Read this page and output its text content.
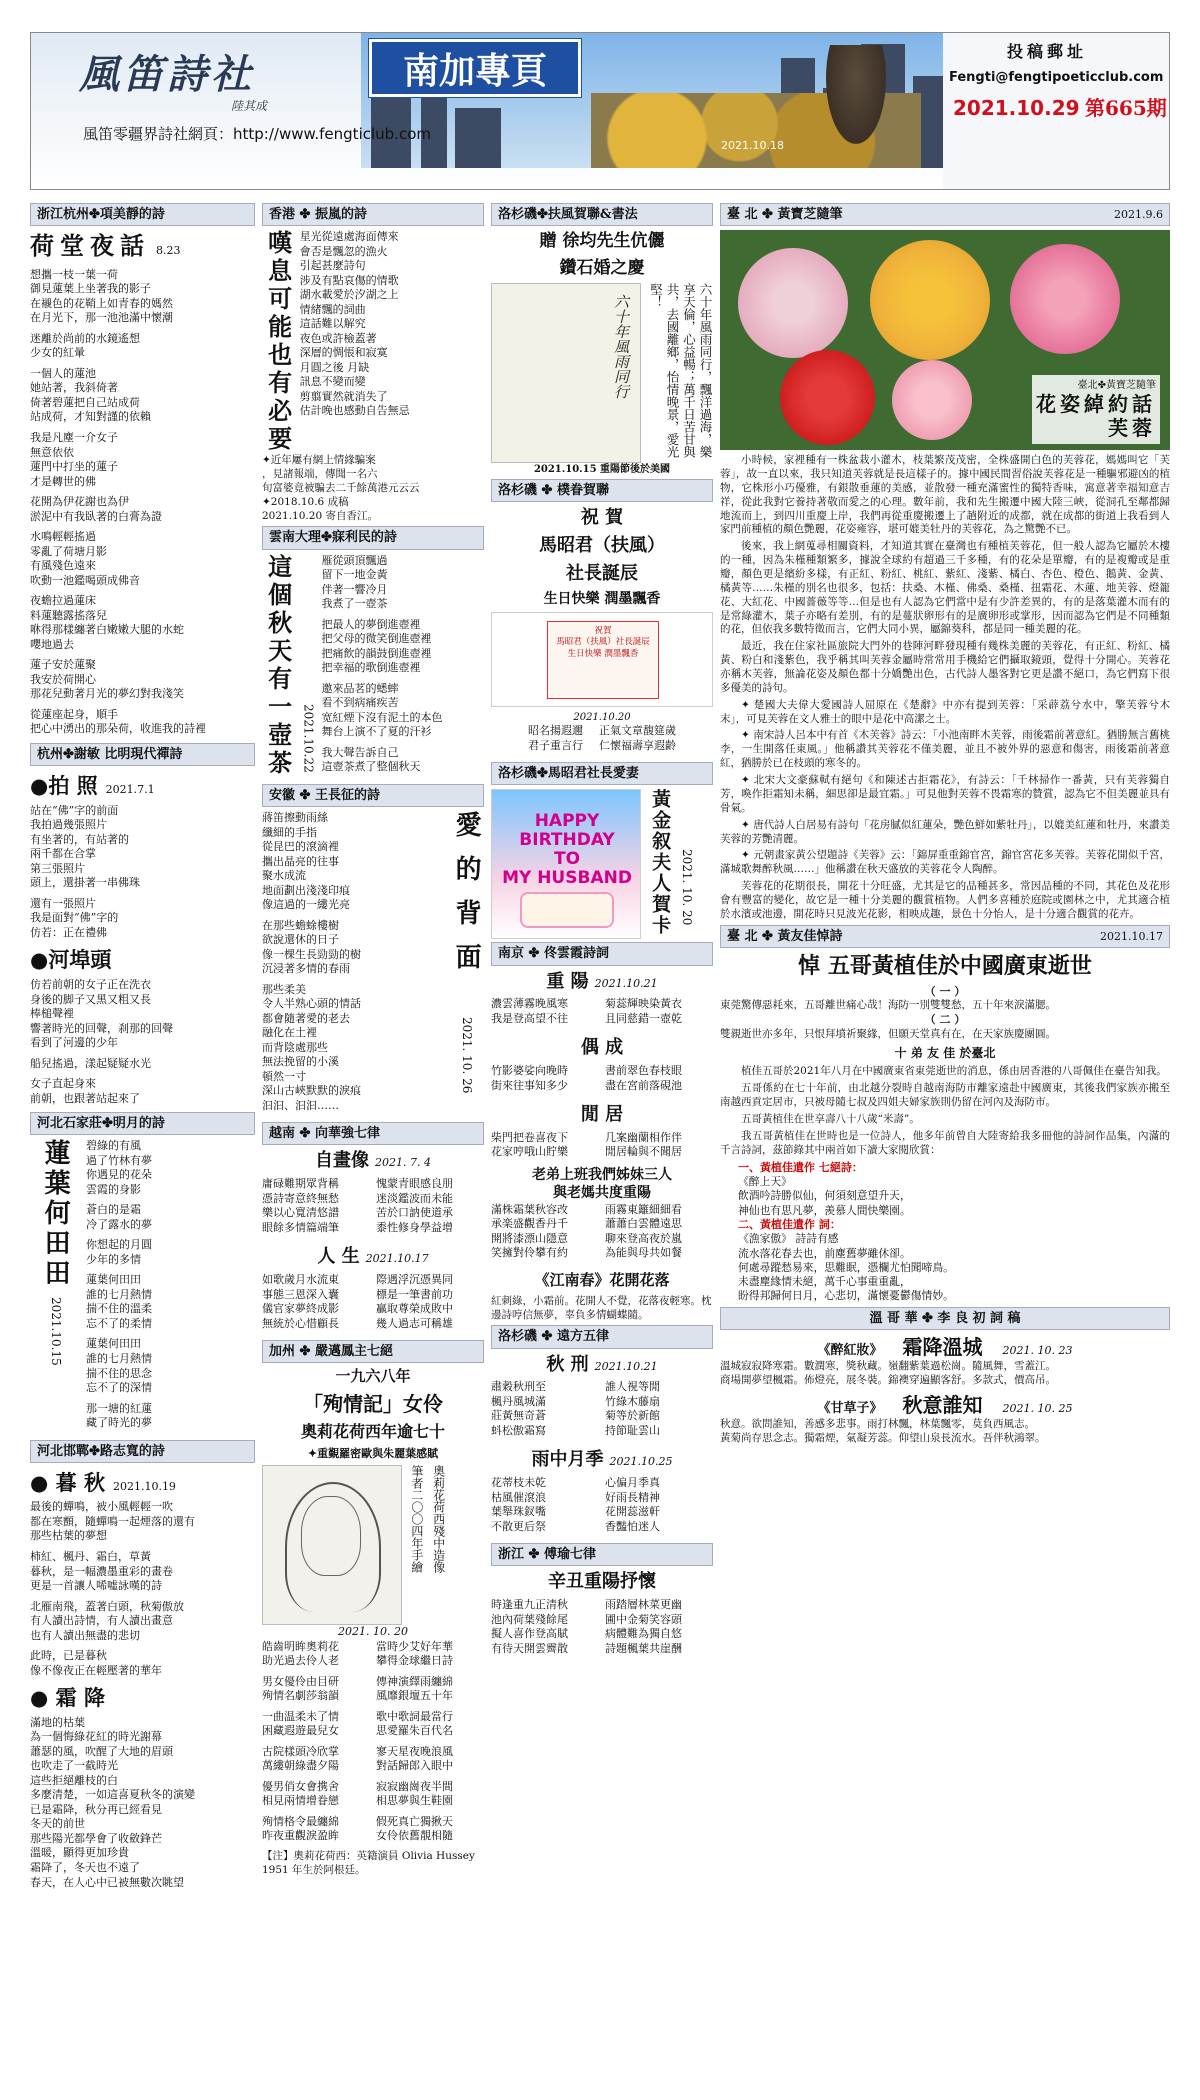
風笛詩社
陸其成
南加專頁
風笛零疆界詩社網頁：http://www.fengticlub.com
2021.10.18
投稿郵址
Fengti@fengtipoeticclub.com
2021.10.29 第665期
浙江杭州✤項美靜的詩
荷堂夜話 8.23

想攜一枝一葉一荷
御見蓮葉上坐著我的影子
在襯色的花鞘上如青春的媽然
在月光下，那一池池滿中懷潮

迷離於尚前的水鏡遙想
少女的紅暈

一個人的蓮池
她站著，我斜倚著
倚著碧蓮把自己站成荷
站成荷，才知對謹的依賴

我是凡塵一介女子
無意依依
蓮門中打坐的蓮子
才是轉世的佛

花開為伊花謝也為伊
淤泥中有我臥著的白膏為證

水鳴輕輕搖過
零亂了荷塘月影
有風殘色遠來
吹動一池鑑喝頭成佛音

夜蟾拉過蓮床
料蓮聽露搖落兒
咻得那樣纏著白嫩嫩大腿的水蛇
嚶地過去

蓮子安於蓮聚
我安於荷開心
那花兒動著月光的夢幻對我淺笑

從蓮座起身，順手
把心中湧出的那朵荷，收進我的詩裡

杭州✤謝敏 比明現代禪詩
●拍 照 2021.7.1

站在“佛”字的前面
我拍過幾張照片
有坐著的，有站著的
兩千都在合掌
第三張照片
頭上，還掛著一串佛珠

還有一張照片
我是面對“佛”字的
仿若：正在禮佛

●河埠頭

仿若前朝的女子正在洗衣
身後的脚子又黑又粗又長
棒槌聲裡
響著時光的回聲，刹那的回聲
看到了河邊的少年

船兒搖過，漾起疑疑水光

女子直起身來
前朝，也跟著站起來了

河北石家莊✤明月的詩
蓮葉何田田
2021.10.15

碧綠的有風
過了竹林有夢
你遇見的花朵
雲霞的身影

蒼白的是霜
冷了露水的夢

你想起的月圓
少年的多情

蓮葉何田田
誰的七月熱情
揣不住的溫柔
忘不了的柔情

蓮葉何田田
誰的七月熱情
揣不住的思念
忘不了的深情

那一塘的紅蓮
藏了時光的夢

河北邯鄲✤路志寬的詩
● 暮 秋 2021.10.19

最後的蟬鳴，被小風輕輕一吹
都在寒顫，隨蟬鳴一起煙落的還有
那些枯葉的夢想

柿紅、楓丹、霜白，草黃
暮秋，是一幅濃墨重彩的畫卷
更是一首讓人唏噓詠嘆的詩

北雁南飛，蓋著白頭，秋菊傲放
有人讀出詩情，有人讀出畫意
也有人讀出無盡的悲切

此時，已是暮秋
像不像夜正在輕壓著的華年

● 霜 降

滿地的枯葉
為一個悔綠花紅的時光謝幕
蕭瑟的風，吹醒了大地的眉頭
也吹走了一截時光
這些拒絕離枝的白
多麼清楚，一如這喜夏秋冬的演變
已是霜降，秋分再已經看見
冬天的前世
那些陽光都學會了收斂鋒芒
溫暖，顯得更加珍貴
霜降了，冬天也不遠了
春天，在人心中已被無數次眺望

香港 ✤ 振嵐的詩
嘆息可能也有必要 星光從遠處海面傳來
會否是飄忽的漁火
引起甚麼詩句
涉及有點哀傷的情歌
湖水載愛於汐湖之上
情緒飄的詞曲
這話難以解究
夜色或許檢蓋著
深層的惆悵和寂寞
月圓之後 月缺
訊息不變而變
剪翦實然就消失了
估計晚也感動自告無忌

✦近年屢有網上情緣騙案
，見諸報端，傳聞一名六
旬富婆竟被騙去二千餘萬港元云云
✦2018.10.6 成稿
2021.10.20 寄自香江。
雲南大理✤寐利民的詩
這個秋天有一壺茶 2021.10.22

雁從頭頂飄過
留下一地金黃
伴著一響冷月
我煮了一壺茶

把最人的夢倒進壺裡
把父母的微笑倒進壺裡
把痛飲的韻鼓倒進壺裡
把幸福的歌倒進壺裡

邀來品茗的蟋蟀
看不到病痛疾苦
宽紅煙下沒有泥土的本色
舞台上演不了夏的汗衫

我大聲告訴自己
這壺茶煮了整個秋天

安徽 ✤ 王長征的詩

蔣笛擦動雨絲
纖細的手指
從昆巴的滾滴裡
攜出晶亮的往事
聚水成流
地面劃出淺淺印痕
像這過的一縷光亮

在那些蟾蜍樓樹
欲說還休的日子
像一棵生長勁勁的樹
沉浸著多情的春雨

那些柔美
令人半熟心頭的情話
都會隨著愛的老去
融化在土裡
而背陰處那些
無法挽留的小溪
頓然一寸
深山古峽默默的淚痕
汩汩、汩汩……

愛的背面
2021. 10. 26
越南 ✤ 向華強七律
自畫像 2021. 7. 4

庸碌難期眾背稱
憑詩寄意終無愁
樂以心寬清悠譜
眼餘多情篇端筆

愧蒙青眼感良朋
迷淡鑑波而未能
苦於口訥使道承
黍性修身學益增

人 生 2021.10.17

如歌歲月水流東
事態三恩深入囊
儀官家夢終成影
無統於心惜顧長

際遇浮沉憑異同
標是一筆書前功
贏取尊榮成敗中
幾人過志可稱雄

加州 ✤ 嚴邁鳳主七絕
一九六八年
「殉情記」女伶
奧莉花荷西年逾七十
✦重覲羅密歐與朱麗葉感賦
筆者二〇〇四年手繪 奧莉花荷西殘中造像
2021. 10. 20

皓齒明眸奧莉花
助光過去伶人老

當時少艾好年華
攀得金球繼日詩

男女優伶由目研
殉情名劇莎翁韻

傳神演繹雨纏綿
風靡銀壇五十年

一曲温柔未了情
困藏遐遊最兒女

歌中歌詞最當行
思愛羅朱百代名

古院樣頭冷欣掌
萬縷朝綠盡夕陽

寥天星夜晚浪風
對話歸郎入眼中

優男俏女會携舍
相見兩情增眷戀

寂寂幽崗夜半間
相思夢與生鞋園

殉情格令最纏綿
昨夜重觀淚盈眸

假死真亡獨揪天
女伶依舊靚相隨

【注】奧莉花荷西：英籍演員 Olivia Hussey 1951 年生於阿根廷。
洛杉磯✤扶風賀聯&書法
贈 徐均先生伉儷
鑽石婚之慶
六十年風雨同行	六十年風雨同行，飄洋過海，樂享天倫，心益暢；萬千日苦甘與共，去國離鄉，怡情晚景，愛光堅！
2021.10.15 重陽節後於美國
洛杉磯 ✤ 樸眷賀聯
祝 賀
馬昭君（扶風）
社長誕辰
生日快樂 潤墨飄香
祝賀
馬昭君（扶風）社長誕辰
生日快樂 潤墨飄香
2021.10.20

昭名揚遐邇
君子重言行

正氣文章馥筵歲
仁懷福壽享遐齡

洛杉磯✤馬昭君社長愛妻
HAPPY
BIRTHDAY
TO
MY HUSBAND 黃金叙夫人賀卡 2021. 10. 20
南京 ✤ 佟雲霞詩詞
重 陽 2021.10.21

濃雲薄霧晚風寒
我是登高望不往

菊蕊輝映染黃衣
且同慈錯一壺乾

偶 成

竹影婆娑向晚時
街來往事知多少

書前翠色春枝眼
盡在宮前落硯池

閒 居

柴門把卷喜夜下
花家哼哦山貯樂

几案幽蘭相作伴
閒居輪與不聞居

老弟上班我們姊妹三人
與老媽共度重陽

滿株霜葉秋容改
承楽盛觀香丹千
開將漆漂山隱意
笑擁對伶攀有約

雨霧東籬細細看
蕭蕭白雲體遠思
聊來登高夜於嵐
為能與母共如餐

《江南春》花開花落
紅刺綠，小霜前。花開人不覺，花落夜輕寒。枕邊詩哼信無夢，辜負多情蝴蝶隨。
洛杉磯 ✤ 遠方五律
秋 刑 2021.10.21

肅穀秋刑至
楓丹風城滿
莊黃無奇蒼
蚪松傲霜寫

誰人視等閒
竹綠木藤扇
菊等於新館
持節耻雲山

雨中月季 2021.10.25

花蒂枝未乾
枯風催滾浪
葉舉珠釵嘴
不散更后祭

心偏月季真
好雨長精神
花開蕊滋軒
香豔怕迷人

浙江 ✤ 傅瑜七律
辛丑重陽抒懷

時逢重九正清秋
池內荷葉殘餘尾
擬人喜作登高賦
有待天開雲霽散

雨踏層林菜更幽
圃中金菊笑容頭
病體難為獨自悠
詩題楓葉共崖酬

臺 北 ✤ 黃寶芝隨筆	2021.9.6
臺北✤黃寶芝隨筆
花姿綽約話芙蓉

小時候，家裡種有一株盆栽小灌木，枝葉繁茂茂密，全株盛開白色的芙蓉花，媽媽叫它「芙蓉」，故一直以來，我只知道芙蓉就是長這樣子的。據中國民間習俗說芙蓉花是一種驅邪避凶的植物，它株形小巧優雅，有銀散垂蓮的美感，並散發一種充滿蜜性的獨特香味，寓意著幸福知意吉祥，從此我對它養持著敬而愛之的心理。數年前，我和先生搬遷中國大陸三峽，從洞孔至鄰都歸地流而上，到四川重慶上岸，我們再從重慶搬遷上了趟附近的成都，就在成都的街道上我看到人家門前種植的顏色艷麗，花姿雍容，堪可媲美牡丹的芙蓉花，為之驚艷不已。

後來，我上網蒐尋相關資料，才知道其實在臺灣也有種植芙蓉花，但一般人認為它屬於木樓的一種，因為朱槿種類繁多，據說全球約有超過三千多種，有的花朵是單瓣，有的是複瓣或是重瓣，顏色更是繽紛多樣，有正紅、粉紅、桃紅、紫紅、淺紫、橘白、杏色、橙色、鵝黃、金黃、橘黃等……朱槿的別名也很多，包括：扶桑、木槿、佛桑、桑槿、扭霜花、木蓮、地芙蓉、燈籠花、大紅花、中國薔薇等等…但是也有人認為它們當中是有少許差異的，有的是落葉灌木而有的是常綠灌木，葉子亦略有差別，有的是蔓狀卵形有的是廣卵形或掌形，因而認為它們是不同種類的花，但依我多數特徵而言，它們大同小異，屬錦葵科，都是同一種美麗的花。

最近，我在住家社區旅院大門外的巷陣河畔發現種有幾株美麗的芙蓉花，有正紅、粉紅、橘黃、粉白和淺紫色，我乎稱其叫芙蓉金屬時常常用手機給它們攝取鏡頭，覺得十分開心。芙蓉花亦稱木芙蓉，無論花姿及顏色都十分嬌艷出色，古代詩人墨客對它更是讚不絕口，為它們寫下很多優美的詩句。

✦ 楚國大夫偉大愛國詩人屈原在《楚辭》中亦有提到芙蓉：「采薜荔兮水中，擎芙蓉兮木末」，可見芙蓉在文人雅士的眼中是花中高潔之士。

✦ 南宋詩人呂本中有首《木芙蓉》詩云：「小池南畔木芙蓉，雨後霜前著意紅。猶勝無言舊桃李，一生開落任東風。」他稱讚其芙蓉花不僅美麗，並且不被外界的惡意和傷害，雨後霜前著意紅，猶勝於已在枝頭的寒冬的。

✦ 北宋大文豪蘇軾有絕句《和陳述古拒霜花》，有詩云：「千林掃作一番黃，只有芙蓉獨自芳，喚作拒霜知未稱，細思卻是最宜霜。」可見他對芙蓉不畏霜寒的贊賞，認為它不但美麗並具有骨氣。

✦ 唐代詩人白居易有詩句「花房膩似紅蓮朵，艷色鮮如紫牡丹」，以媲美紅蓮和牡丹，來讚美芙蓉的芳艷清麗。

✦ 元朝畫家黃公望題詩《芙蓉》云：「錦屏重重錦官宮，錦官宮花多芙蓉。芙蓉花開似千宮，滿城歌舞醉秋風……」他稱讚在秋天盛放的芙蓉花令人陶醉。

芙蓉花的花期很長，開花十分旺盛，尤其是它的品種甚多，常因品種的不同，其花色及花形會有豐富的變化，故它是一種十分美麗的觀賞植物。人們多喜種於庭院或園林之中，尤其適合植於水濱或池邊，開花時只見波光花影，相映成趣，景色十分怡人，是十分適合觀賞的花卉。

臺 北 ✤ 黃友佳悼詩	2021.10.17
悼 五哥黃植佳於中國廣東逝世
（ 一 ）
東莞驚傳惡耗來，五哥離世痛心哉！海防一別雙雙愁，五十年來淚滿腮。
（ 二 ）
雙親逝世亦多年，只恨拜墳祈聚緣，但願天堂真有在，在天家族慶團圓。
十 弟 友 佳 於臺北

植佳五哥於2021年八月在中國廣東省東莞逝世的消息，係由居香港的八哥佩佳在臺告知我。

五哥係約在七十年前，由北越分裂時自越南海防市離家遠赴中國廣東，其後我們家族亦搬至南越西貢定居市，只被母隨七叔及四姐夫婦家族則仍留在河內及海防市。

五哥黃植佳在世享壽八十八歲“米壽”。

我五哥黃植佳在世時也是一位詩人，他多年前曾自大陸寄給我多冊他的詩詞作品集，內滿的千言詩詞，茲節錄其中兩首如下讀大家閱欣賞：

一、黃植佳遺作 七絕詩：
《醉上天》
飲酒吟詩勝似仙，何須刻意望升天，
神仙也有思凡夢，羨慕人間快樂園。
二、黃植佳遺作 詞：
《漁家傲》 詩詩有感
流水落花春去也，前塵舊夢雖休卻。
何處尋蹤愁易來，思難眠，憑欄尤怕聞啼鳥。
未盡塵緣情未絕，萬千心事重重亂，
盼得邦歸何日月，心悲切，滿懷憂鬱傷情妙。
溫 哥 華 ✤ 李 良 初 詞 稿
《醉紅妝》 霜降溫城 2021. 10. 23
溫城寂寂降寒霜。數潤寒，獎秋藏。嶺翻紫葉過松崗。隨風舞，雪蓋江。
商場開夢望楓霜。佈燈亮，展冬裝。錦襖穿遍顯客舒。多款式，價高吊。
《甘草子》 秋意誰知 2021. 10. 25
秋意。欲問誰知，善感多悲事。雨打林飄，林葉飄零，莫負西風志。
黃菊尚存思念志。獨霜煙，氣凝芳蕊。仰望山泉長流水。吾伴秋鴻翠。
